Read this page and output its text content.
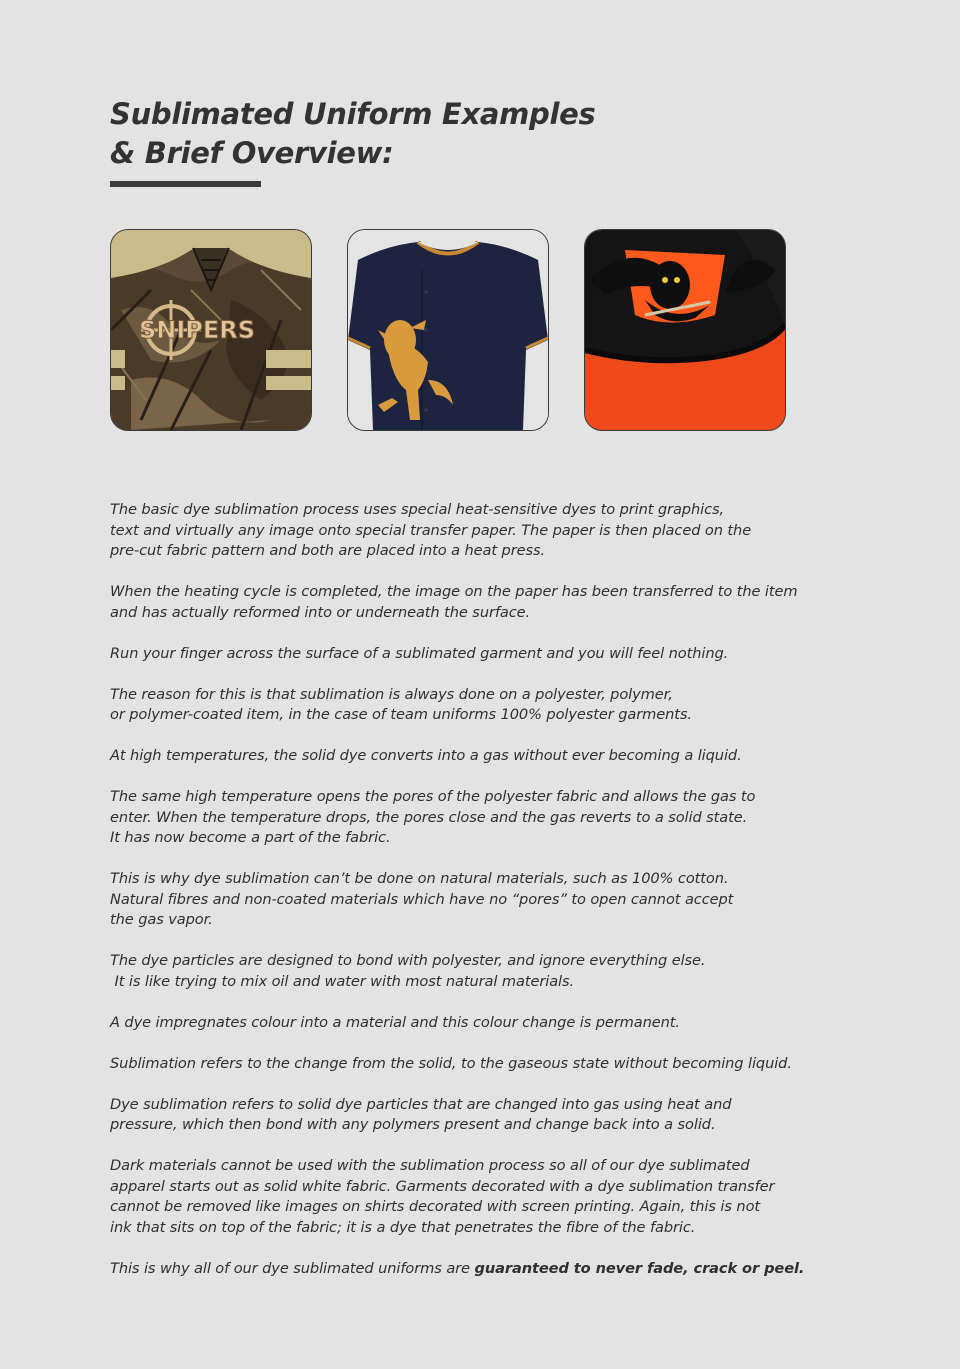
Sublimated Uniform Examples
& Brief Overview:
SNIPERS

The basic dye sublimation process uses special heat-sensitive dyes to print graphics,
text and virtually any image onto special transfer paper. The paper is then placed on the
pre-cut fabric pattern and both are placed into a heat press.

When the heating cycle is completed, the image on the paper has been transferred to the item
and has actually reformed into or underneath the surface.

Run your finger across the surface of a sublimated garment and you will feel nothing.

The reason for this is that sublimation is always done on a polyester, polymer,
or polymer-coated item, in the case of team uniforms 100% polyester garments.

At high temperatures, the solid dye converts into a gas without ever becoming a liquid.

The same high temperature opens the pores of the polyester fabric and allows the gas to
enter. When the temperature drops, the pores close and the gas reverts to a solid state.
It has now become a part of the fabric.

This is why dye sublimation can’t be done on natural materials, such as 100% cotton.
Natural fibres and non-coated materials which have no “pores” to open cannot accept
the gas vapor.

The dye particles are designed to bond with polyester, and ignore everything else.
It is like trying to mix oil and water with most natural materials.

A dye impregnates colour into a material and this colour change is permanent.

Sublimation refers to the change from the solid, to the gaseous state without becoming liquid.

Dye sublimation refers to solid dye particles that are changed into gas using heat and
pressure, which then bond with any polymers present and change back into a solid.

Dark materials cannot be used with the sublimation process so all of our dye sublimated
apparel starts out as solid white fabric. Garments decorated with a dye sublimation transfer
cannot be removed like images on shirts decorated with screen printing. Again, this is not
ink that sits on top of the fabric; it is a dye that penetrates the fibre of the fabric.

This is why all of our dye sublimated uniforms are guaranteed to never fade, crack or peel.
